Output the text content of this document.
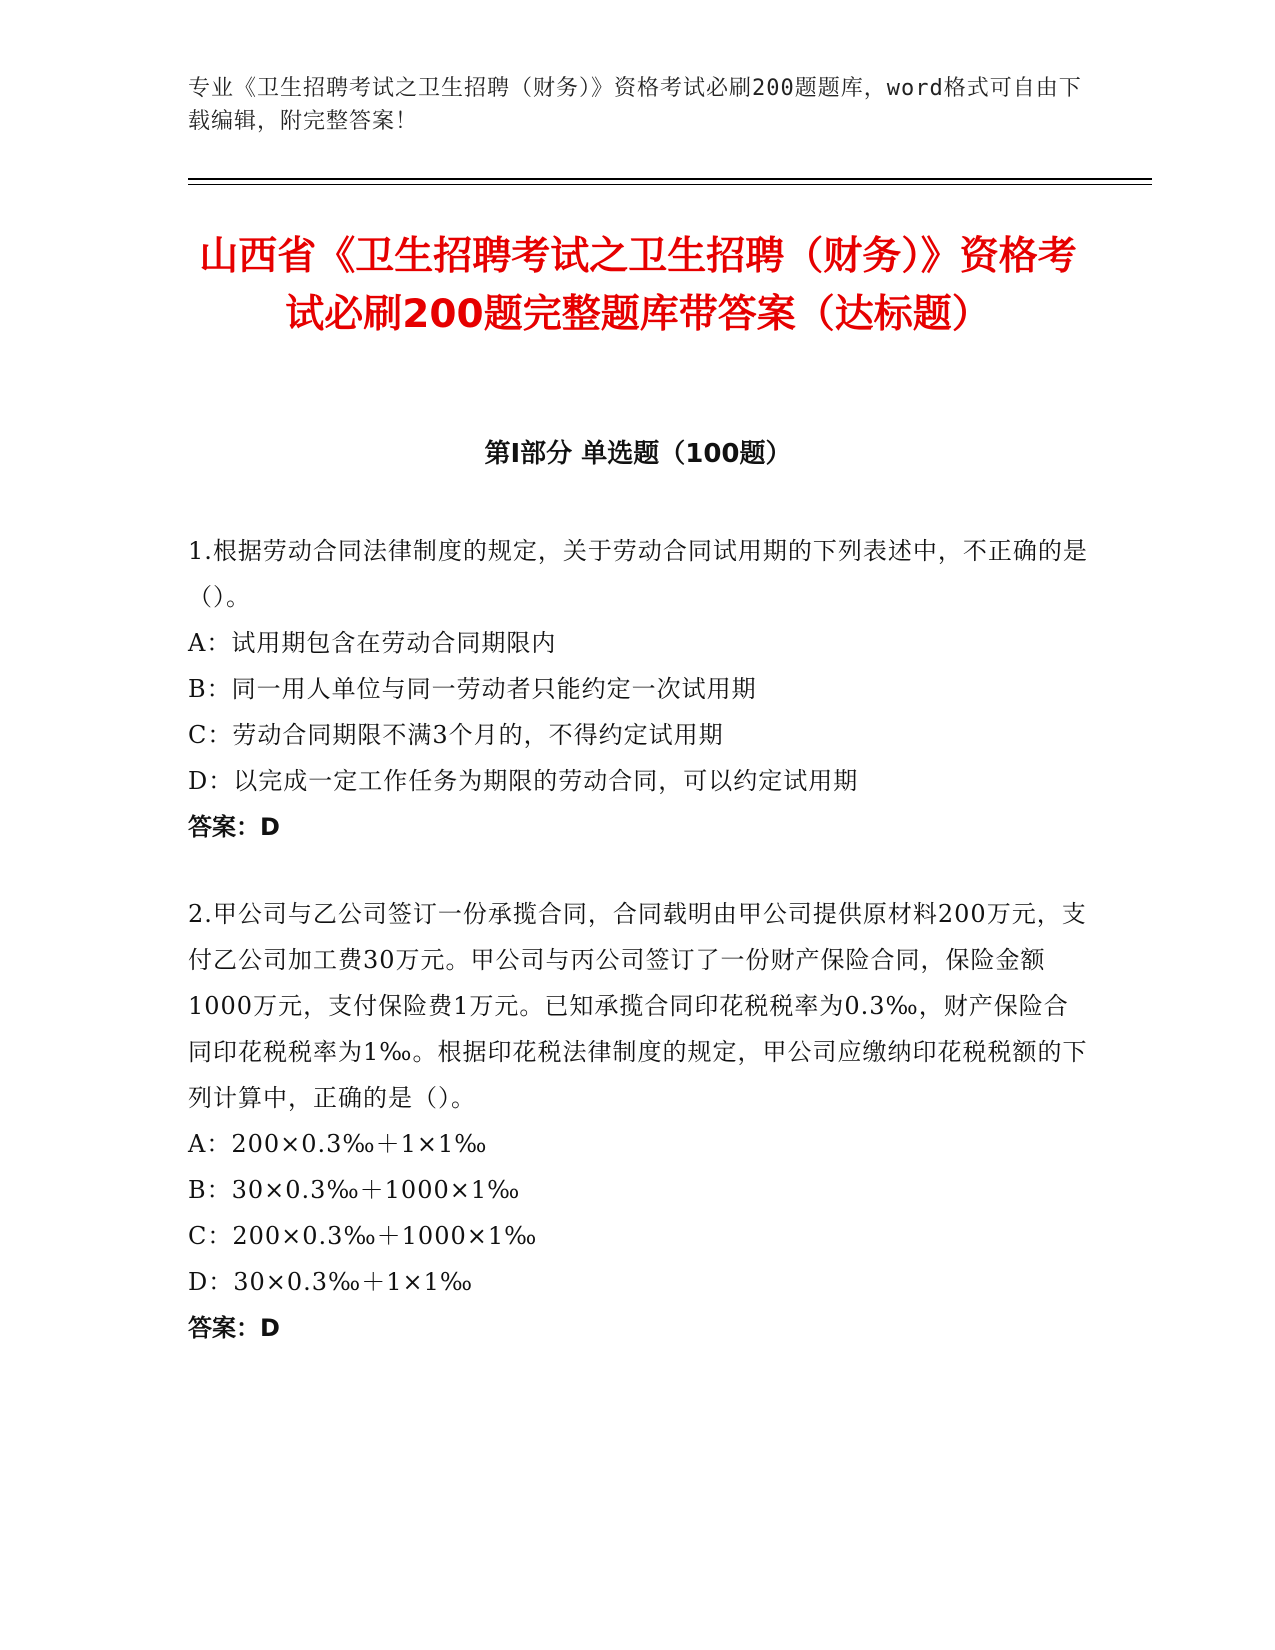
专业《卫生招聘考试之卫生招聘（财务）》资格考试必刷200题题库，word格式可自由下载编辑，附完整答案！
山西省《卫生招聘考试之卫生招聘（财务）》资格考试必刷200题完整题库带答案（达标题）
第I部分 单选题（100题）
1.根据劳动合同法律制度的规定，关于劳动合同试用期的下列表述中，不正确的是（）。
A：试用期包含在劳动合同期限内
B：同一用人单位与同一劳动者只能约定一次试用期
C：劳动合同期限不满3个月的，不得约定试用期
D：以完成一定工作任务为期限的劳动合同，可以约定试用期
答案：D
2.甲公司与乙公司签订一份承揽合同，合同载明由甲公司提供原材料200万元，支付乙公司加工费30万元。甲公司与丙公司签订了一份财产保险合同，保险金额1000万元，支付保险费1万元。已知承揽合同印花税税率为0.3‰，财产保险合同印花税税率为1‰。根据印花税法律制度的规定，甲公司应缴纳印花税税额的下列计算中，正确的是（）。
A：200×0.3‰＋1×1‰
B：30×0.3‰＋1000×1‰
C：200×0.3‰＋1000×1‰
D：30×0.3‰＋1×1‰
答案：D
